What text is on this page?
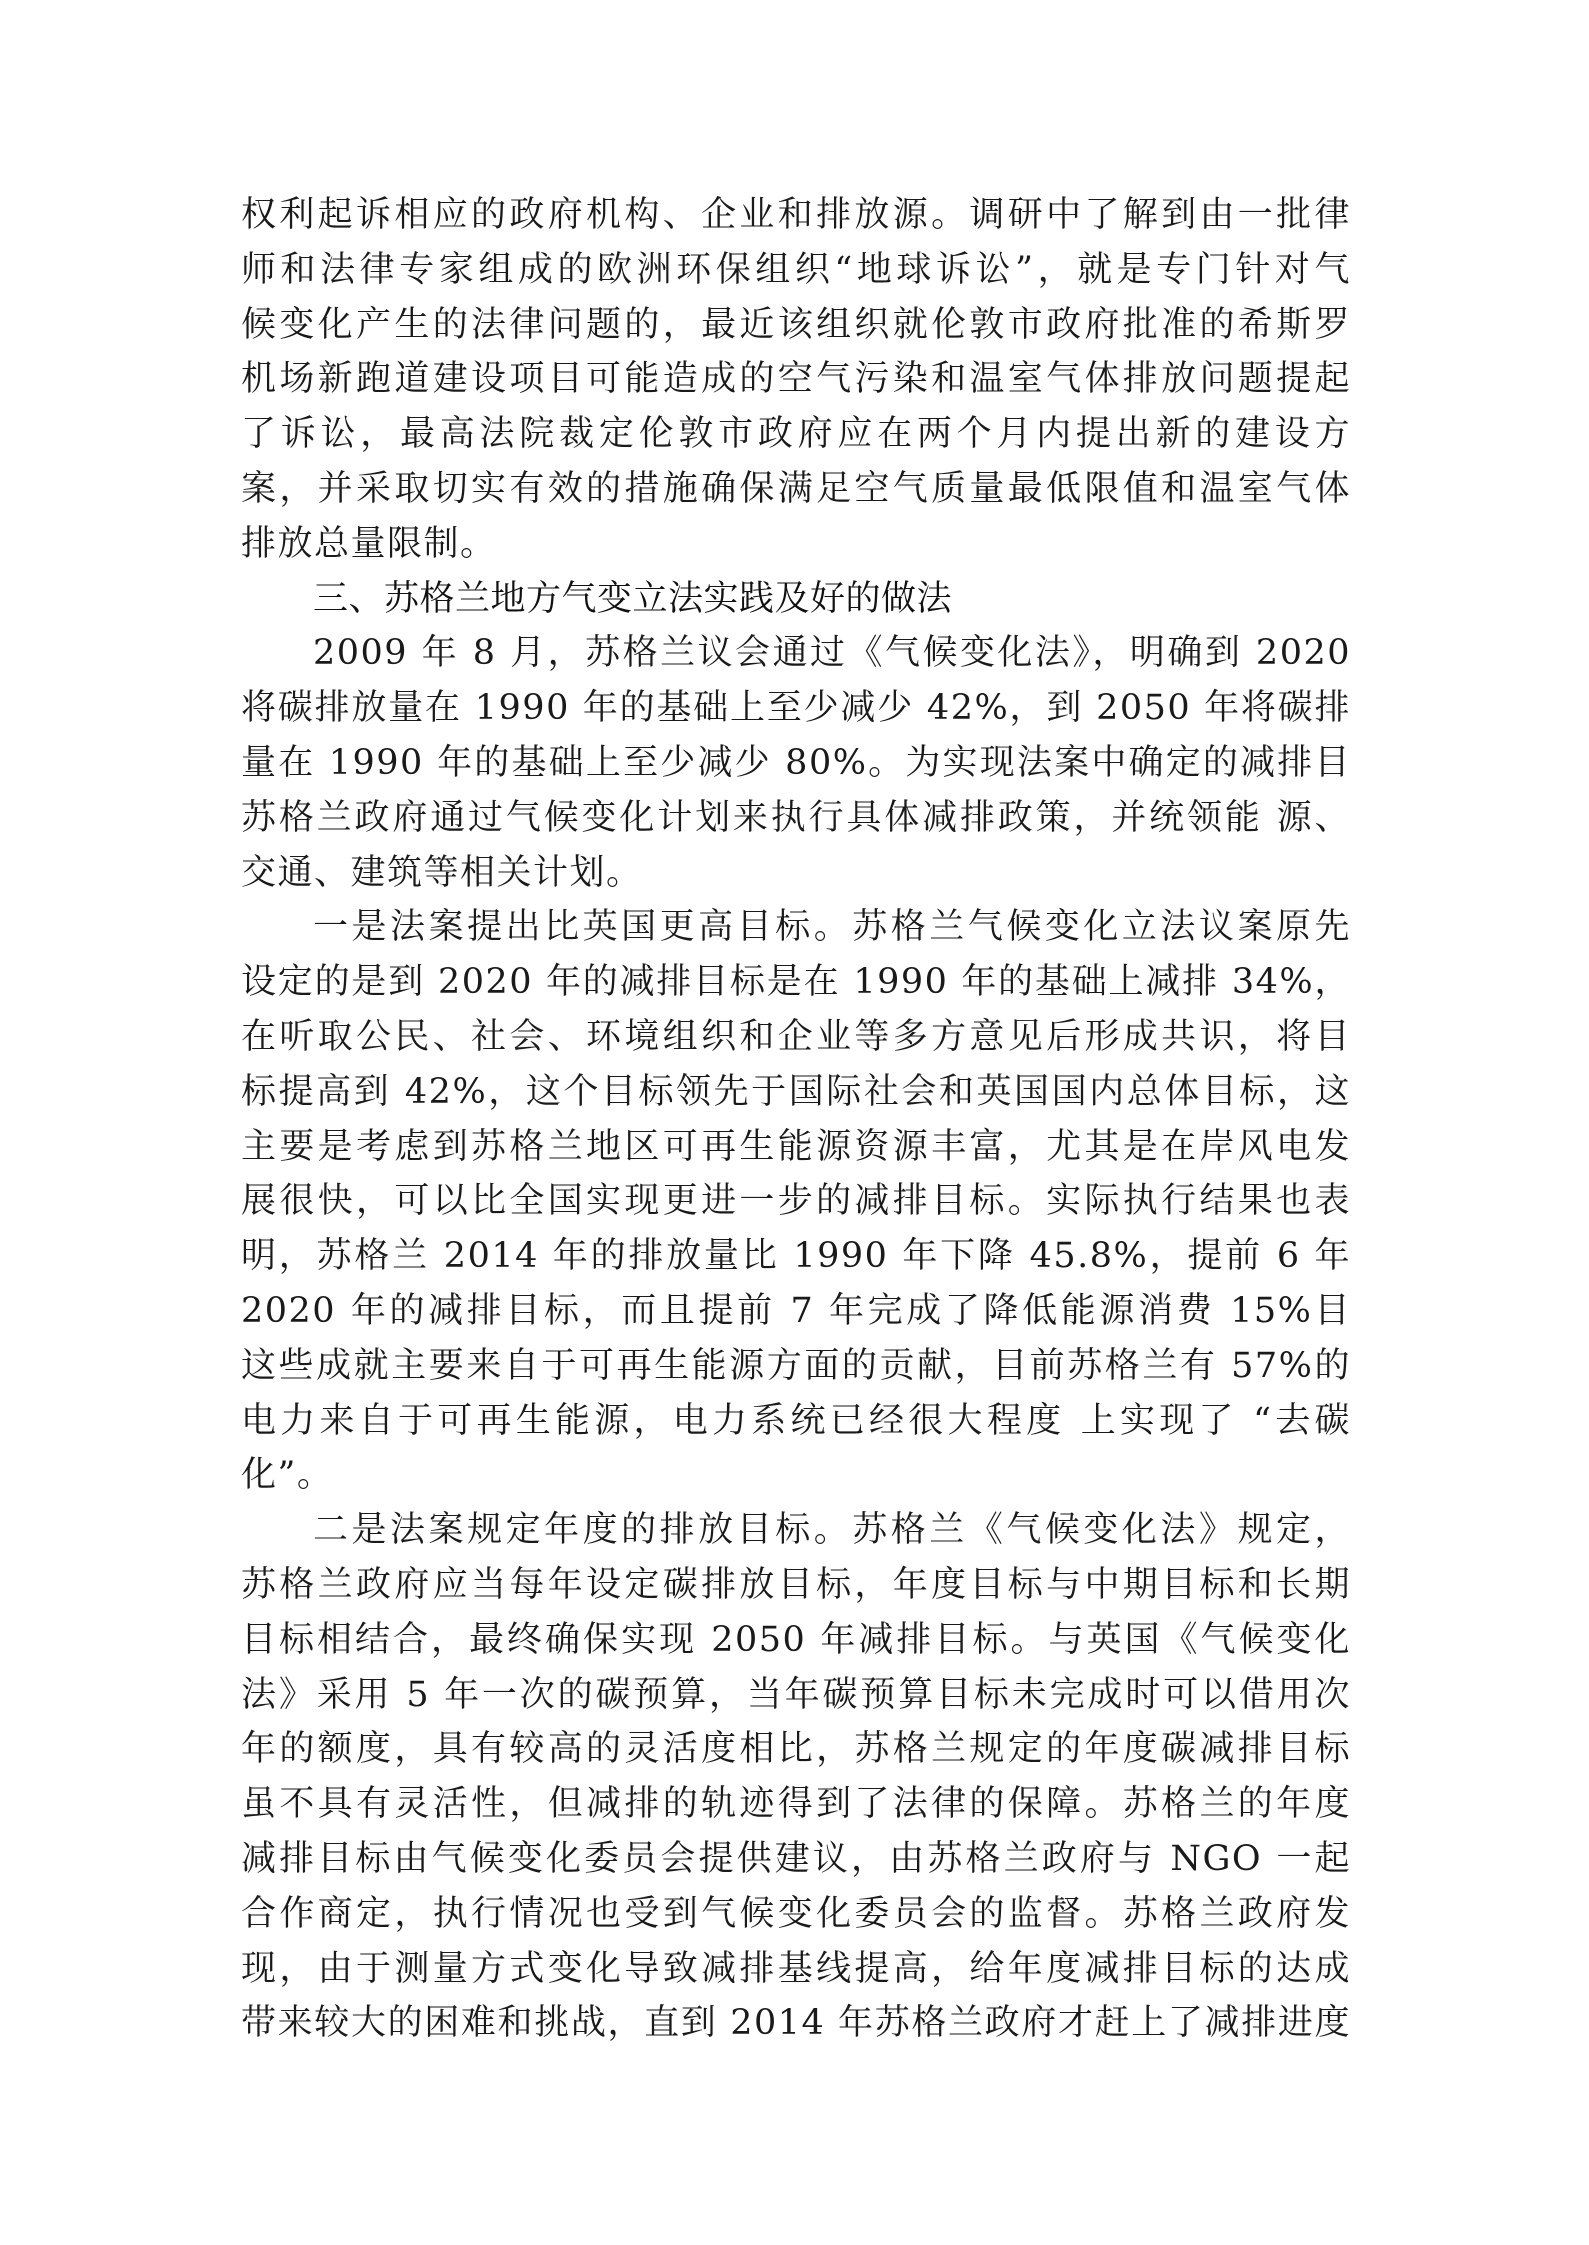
权利起诉相应的政府机构、企业和排放源。调研中了解到由一批律
师和法律专家组成的欧洲环保组织“地球诉讼”，就是专门针对气
候变化产生的法律问题的，最近该组织就伦敦市政府批准的希斯罗
机场新跑道建设项目可能造成的空气污染和温室气体排放问题提起
了诉讼，最高法院裁定伦敦市政府应在两个月内提出新的建设方
案，并采取切实有效的措施确保满足空气质量最低限值和温室气体
排放总量限制。
三、苏格兰地方气变立法实践及好的做法
2009 年 8 月，苏格兰议会通过《气候变化法》，明确到 2020
将碳排放量在 1990 年的基础上至少减少 42%，到 2050 年将碳排
量在 1990 年的基础上至少减少 80%。为实现法案中确定的减排目
苏格兰政府通过气候变化计划来执行具体减排政策，并统领能 源、
交通、建筑等相关计划。
一是法案提出比英国更高目标。苏格兰气候变化立法议案原先
设定的是到 2020 年的减排目标是在 1990 年的基础上减排 34%，
在听取公民、社会、环境组织和企业等多方意见后形成共识，将目
标提高到 42%，这个目标领先于国际社会和英国国内总体目标，这
主要是考虑到苏格兰地区可再生能源资源丰富，尤其是在岸风电发
展很快，可以比全国实现更进一步的减排目标。实际执行结果也表
明，苏格兰 2014 年的排放量比 1990 年下降 45.8%，提前 6 年
2020 年的减排目标，而且提前 7 年完成了降低能源消费 15%目
这些成就主要来自于可再生能源方面的贡献，目前苏格兰有 57%的
电力来自于可再生能源，电力系统已经很大程度 上实现了 “去碳
化”。
二是法案规定年度的排放目标。苏格兰《气候变化法》规定，
苏格兰政府应当每年设定碳排放目标，年度目标与中期目标和长期
目标相结合，最终确保实现 2050 年减排目标。与英国《气候变化
法》采用 5 年一次的碳预算，当年碳预算目标未完成时可以借用次
年的额度，具有较高的灵活度相比，苏格兰规定的年度碳减排目标
虽不具有灵活性，但减排的轨迹得到了法律的保障。苏格兰的年度
减排目标由气候变化委员会提供建议，由苏格兰政府与 NGO 一起
合作商定，执行情况也受到气候变化委员会的监督。苏格兰政府发
现，由于测量方式变化导致减排基线提高，给年度减排目标的达成
带来较大的困难和挑战，直到 2014 年苏格兰政府才赶上了减排进度
